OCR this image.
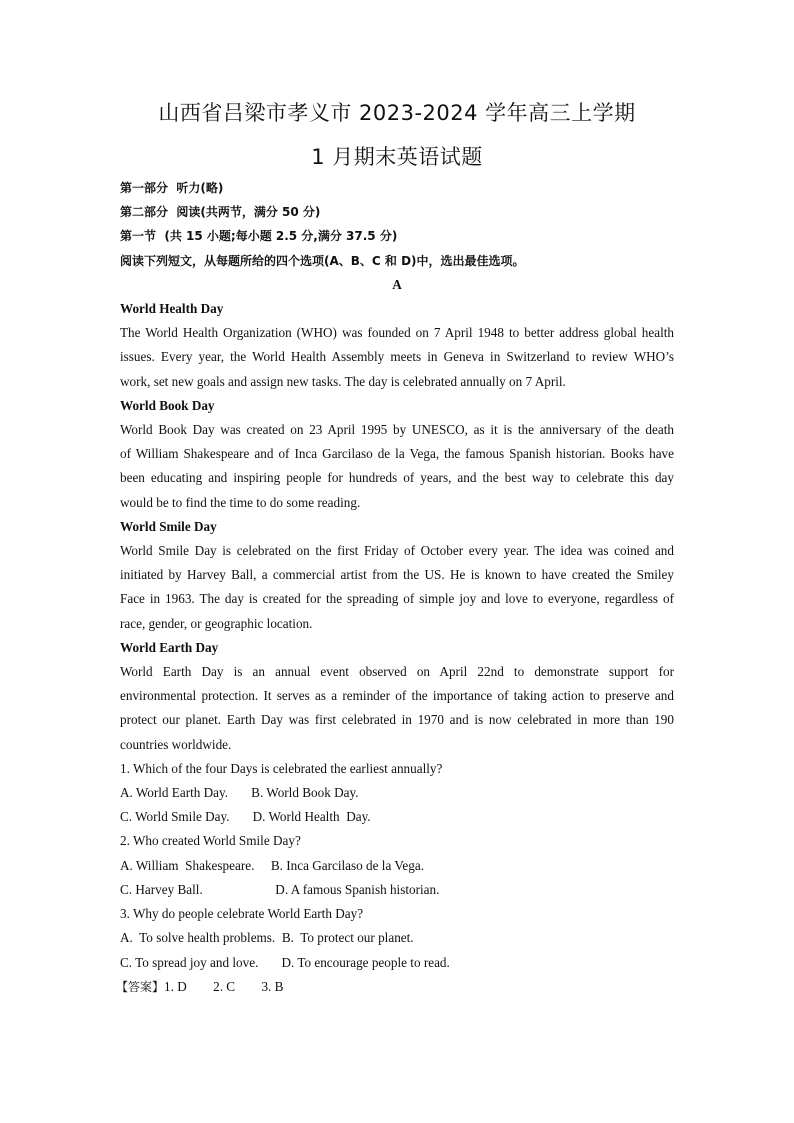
山西省吕梁市孝义市 2023-2024 学年高三上学期
1 月期末英语试题
第一部分  听力(略)
第二部分  阅读(共两节，满分 50 分)
第一节  (共 15 小题;每小题 2.5 分,满分 37.5 分)
阅读下列短文，从每题所给的四个选项(A、B、C 和 D)中，选出最佳选项。
A
World Health Day
The World Health Organization (WHO) was founded on 7 April 1948 to better address global health
issues. Every year, the World Health Assembly meets in Geneva in Switzerland to review WHO’s
work, set new goals and assign new tasks. The day is celebrated annually on 7 April.
World Book Day
World Book Day was created on 23 April 1995 by UNESCO, as it is the anniversary of the death
of William Shakespeare and of Inca Garcilaso de la Vega, the famous Spanish historian. Books have
been educating and inspiring people for hundreds of years, and the best way to celebrate this day
would be to find the time to do some reading.
World Smile Day
World Smile Day is celebrated on the first Friday of October every year. The idea was coined and
initiated by Harvey Ball, a commercial artist from the US. He is known to have created the Smiley
Face in 1963. The day is created for the spreading of simple joy and love to everyone, regardless of
race, gender, or geographic location.
World Earth Day
World Earth Day is an annual event observed on April 22nd to demonstrate support for
environmental protection. It serves as a reminder of the importance of taking action to preserve and
protect our planet. Earth Day was first celebrated in 1970 and is now celebrated in more than 190
countries worldwide.
1. Which of the four Days is celebrated the earliest annually?
A. World Earth Day.       B. World Book Day.
C. World Smile Day.       D. World Health  Day.
2. Who created World Smile Day?
A. William  Shakespeare.     B. Inca Garcilaso de la Vega.
C. Harvey Ball.                      D. A famous Spanish historian.
3. Why do people celebrate World Earth Day?
A.  To solve health problems.  B.  To protect our planet.
C. To spread joy and love.       D. To encourage people to read.
【答案】1. D        2. C        3. B
